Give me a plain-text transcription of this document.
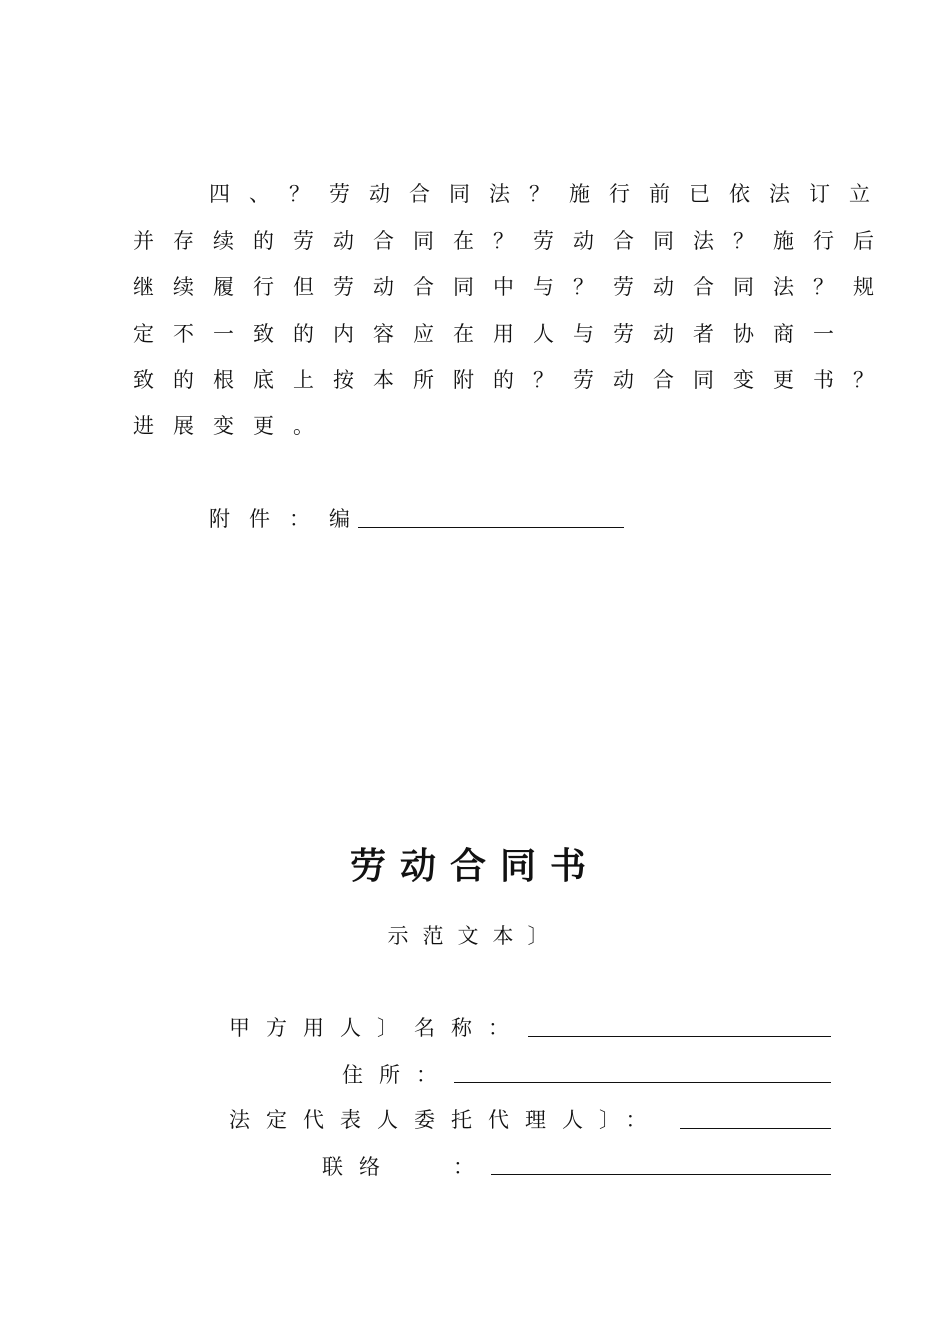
四、？劳动合同法？施行前已依法订立
并存续的劳动合同在？劳动合同法？施行后
继续履行但劳动合同中与？劳动合同法？规
定不一致的内容应在用人与劳动者协商一
致的根底上按本所附的？劳动合同变更书？
进展变更。
附件：编
劳动合同书
示范文本〕
甲方用人〕名称：
住所：
法定代表人委托代理人〕：
联络	：
